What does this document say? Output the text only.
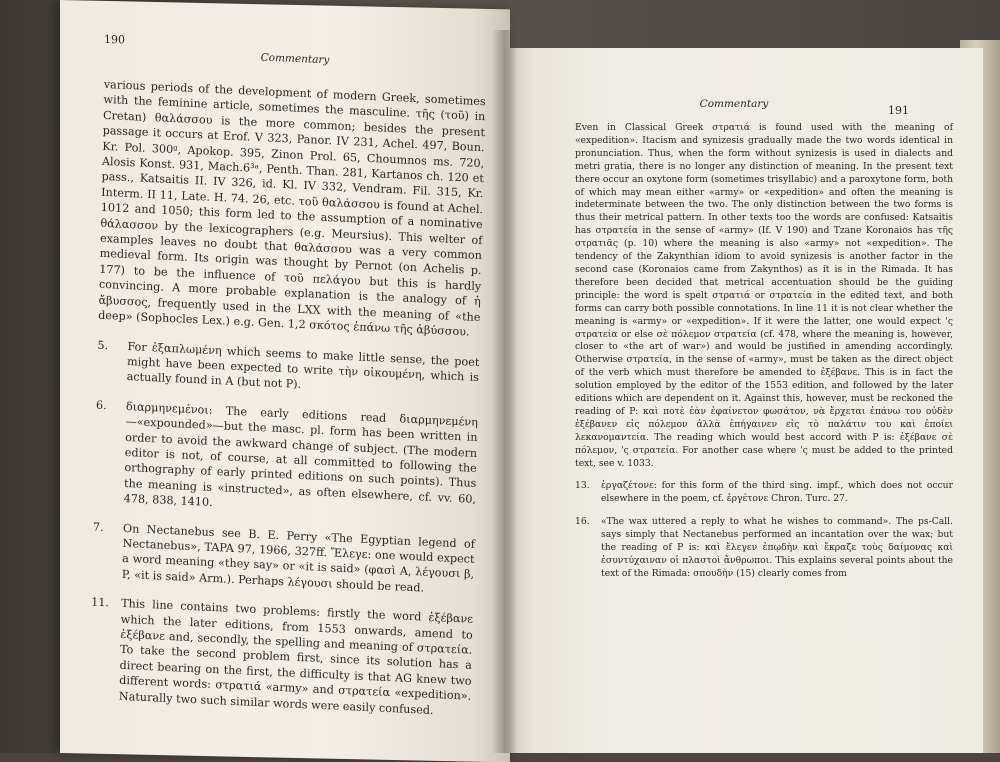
191
Commentary

Even in Classical Greek στρατιά is found used with the meaning of «expedition». Itacism and synizesis gradually made the two words identical in pronunciation. Thus, when the form without synizesis is used in dialects and metri gratia, there is no longer any distinction of meaning. In the present text there occur an oxytone form (sometimes trisyllabic) and a paroxytone form, both of which may mean either «army» or «expedition» and often the meaning is indeterminate between the two. The only distinction between the two forms is thus their metrical pattern. In other texts too the words are confused: Katsaitis has στρατεία in the sense of «army» (Ιf. V 190) and Tzane Koronaios has τῆς στρατιᾶς (p. 10) where the meaning is also «army» not «expedition». The tendency of the Zakynthian idiom to avoid synizesis is another factor in the second case (Koronaios came from Zakynthos) as it is in the Rimada. It has therefore been decided that metrical accentuation should be the guiding principle: the word is spelt στρατιά or στρατεία in the edited text, and both forms can carry both possible connotations. In line 11 it is not clear whether the meaning is «army» or «expedition». If it were the latter, one would expect 'ς στρατεία or else σὲ πόλεμον στρατεία (cf. 478, where the meaning is, however, closer to «the art of war») and would be justified in amending accordingly. Otherwise στρατεία, in the sense of «army», must be taken as the direct object of the verb which must therefore be amended to ἐξέβανε. This is in fact the solution employed by the editor of the 1553 edition, and followed by the later editions which are dependent on it. Against this, however, must be reckoned the reading of P: καὶ ποτὲ ἐὰν ἐφαίνετον φωσάτον, νὰ ἔρχεται ἐπάνω του οὐδὲν ἐξέβανεν εἰς πόλεμον ἀλλὰ ἐπήγαινεν εἰς τὸ παλάτιν του καὶ ἐποίει λεκανομαντεία. The reading which would best accord with P is: ἐξέβανε σὲ πόλεμον, 'ς στρατεία. For another case where 'ς must be added to the printed text, see v. 1033.

13.	ἐργαζέτονε: for this form of the third sing. impf., which does not occur elsewhere in the poem, cf. ἐργέτονε Chron. Turc. 27.
16.	«The wax uttered a reply to what he wishes to command». The ps-Call. says simply that Nectanebus performed an incantation over the wax; but the reading of P is: καὶ ἔλεγεν ἐπῳδὴν καὶ ἔκραζε τοὺς δαίμονας καὶ ἐσυντύχαιναν οἱ πλαστοὶ ἄνθρωποι. This explains several points about the text of the Rimada: σπουδὴν (15) clearly comes from
190
Commentary

various periods of the development of modern Greek, sometimes with the feminine article, sometimes the masculine. τῆς (τοῦ) in Cretan) θαλάσσου is the more common; besides the present passage it occurs at Erof. V 323, Panor. IV 231, Achel. 497, Boun. Kr. Pol. 300ᵍ, Apokop. 395, Zinon Prol. 65, Choumnos ms. 720, Alosis Konst. 931, Mach.6³ᵃ, Penth. Than. 281, Kartanos ch. 120 et pass., Katsaitis II. IV 326, id. Kl. IV 332, Vendram. Fil. 315, Kr. Interm. II 11, Late. H. 74. 26, etc. τοῦ θαλάσσου is found at Achel. 1012 and 1050; this form led to the assumption of a nominative θάλασσον by the lexicographers (e.g. Meursius). This welter of examples leaves no doubt that θαλάσσου was a very common medieval form. Its origin was thought by Pernot (on Achelis p. 177) to be the influence of τοῦ πελάγου but this is hardly convincing. A more probable explanation is the analogy of ἡ ἄβυσσος, frequently used in the LXX with the meaning of «the deep» (Sophocles Lex.) e.g. Gen. 1,2 σκότος ἐπάνω τῆς ἀβύσσου.

5.	For ἐξαπλωμένη which seems to make little sense, the poet might have been expected to write τὴν οἰκουμένη, which is actually found in A (but not P).
6.	διαρμηνεμένοι: The early editions read διαρμηνεμένη—«expounded»—but the masc. pl. form has been written in order to avoid the awkward change of subject. (The modern editor is not, of course, at all committed to following the orthography of early printed editions on such points). Thus the meaning is «instructed», as often elsewhere, cf. vv. 60, 478, 838, 1410.
7.	On Nectanebus see B. E. Perry «The Egyptian legend of Nectanebus», TAPA 97, 1966, 327ff. Ἔλεγε: one would expect a word meaning «they say» or «it is said» (φασὶ A, λέγουσι β, P, «it is said» Arm.). Perhaps λέγουσι should be read.
11.	This line contains two problems: firstly the word ἐξέβανε which the later editions, from 1553 onwards, amend to ἐξέβανε and, secondly, the spelling and meaning of στρατεία. To take the second problem first, since its solution has a direct bearing on the first, the difficulty is that AG knew two different words: στρατιά «army» and στρατεία «expedition». Naturally two such similar words were easily confused.
